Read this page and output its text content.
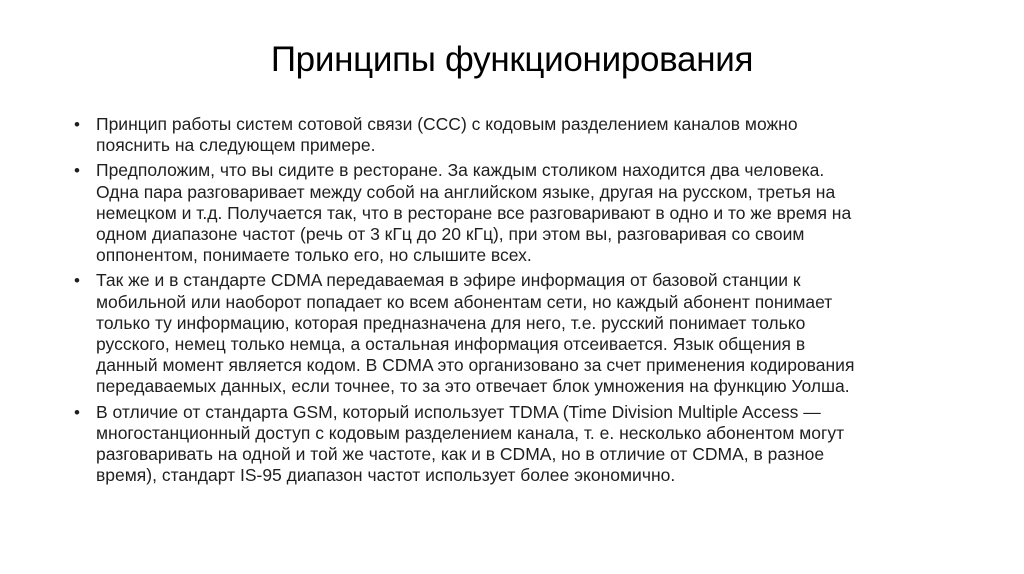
Принципы функционирования
• Принцип работы систем сотовой связи (ССС) с кодовым разделением каналов можно
пояснить на следующем примере.
• Предположим, что вы сидите в ресторане. За каждым столиком находится два человека.
Одна пара разговаривает между собой на английском языке, другая на русском, третья на
немецком и т.д. Получается так, что в ресторане все разговаривают в одно и то же время на
одном диапазоне частот (речь от 3 кГц до 20 кГц), при этом вы, разговаривая со своим
оппонентом, понимаете только его, но слышите всех.
• Так же и в стандарте CDMA передаваемая в эфире информация от базовой станции к
мобильной или наоборот попадает ко всем абонентам сети, но каждый абонент понимает
только ту информацию, которая предназначена для него, т.е. русский понимает только
русского, немец только немца, а остальная информация отсеивается. Язык общения в
данный момент является кодом. В CDMA это организовано за счет применения кодирования
передаваемых данных, если точнее, то за это отвечает блок умножения на функцию Уолша.
• В отличие от стандарта GSM, который использует TDMA (Time Division Multiple Access —
многостанционный доступ с кодовым разделением канала, т. е. несколько абонентом могут
разговаривать на одной и той же частоте, как и в CDMA, но в отличие от CDMA, в разное
время), стандарт IS-95 диапазон частот использует более экономично.
